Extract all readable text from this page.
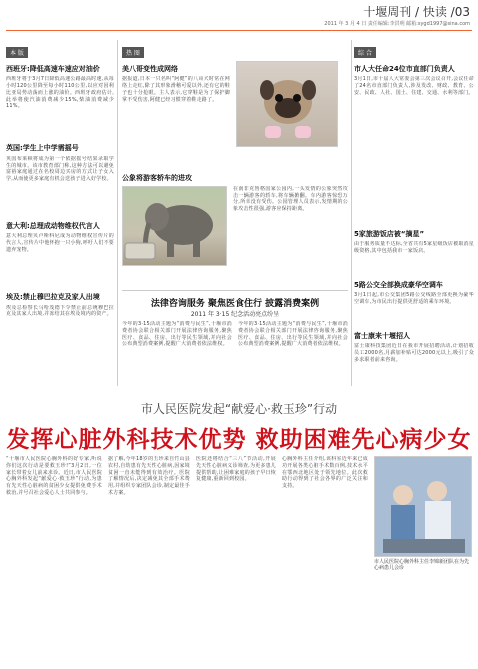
十堰周刊 / 快读 /03
2011 年 3 月 4 日 责任编辑:李洪明 邮箱:sygd1997@sina.com
本 版
西班牙:降低高速车速应对油价
西班牙将于3月7日降低高速公路最高时速,从每小时120公里降至每小时110公里,以应对因利比亚局势动荡而上涨的油价。西班牙政府估计,此举将使汽油消费减少15%,柴油消费减少11%。
英国:学生上中学需摇号
英国布莱顿将成为第一个依据摇号结果录取学生的城市。该市教育部门称,这种方法可以避免富裕家庭通过在名校周边买房的方式让子女入学,从而使更多家庭有机会送孩子进入好学校。
意大利:总理成动物维权代言人
意大利总理贝卢斯科尼成为动物维权宣传片的代言人,宣传片中他怀抱一只小狗,呼吁人们不要遗弃宠物。
埃及:禁止穆巴拉克及家人出境
埃及总检察长马哈茂德下令禁止前总统穆巴拉克及其家人出境,并冻结其在埃及境内的资产。
热 图
美八哥变性成网络
据报道,日本一只名叫“阿健”的八哥犬时常在网络上走红,除了其形象滑稽可爱以外,还有它的鞋子也十分抢眼。主人表示,它穿鞋是为了保护脚掌不受伤害,阿健已经习惯穿着鞋走路了。
公象将游客轿车的进攻
在南非克鲁格国家公园内,一头发情的公象突然攻击一辆游客的轿车,将车辆掀翻。车内游客惊恐万分,所幸没有受伤。公园管理人员表示,发情期的公象攻击性很强,游客应保持距离。
法律咨询服务 聚焦医食住行 披露消费案例
2011 年 3·15 纪念活动亮点纷呈
今年的3·15活动主题为“消费与民生”,十堰市消费者协会联合相关部门开展法律咨询服务,聚焦医疗、食品、住房、出行等民生领域,并向社会公布典型消费案例,提醒广大消费者依法维权。
今年的3·15活动主题为“消费与民生”,十堰市消费者协会联合相关部门开展法律咨询服务,聚焦医疗、食品、住房、出行等民生领域,并向社会公布典型消费案例,提醒广大消费者依法维权。
综 合
市人大任命24位市直部门负责人
3月1日,市十届人大常委会第三次会议召开,会议任命了24名市直部门负责人,涉及发改、财政、教育、公安、民政、人社、国土、住建、交通、水利等部门。
5家旅游饭店被“摘星”
由于服务质量不达标,全省共有5家星级饭店被取消星级资格,其中包括我市一家饭店。
5路公交全部换成豪华空调车
3月1日起,市公交集团5路公交线路全部更换为豪华空调车,为市民出行提供更舒适的乘车环境。
富士康来十堰招人
富士康科技集团近日在我市开展招聘活动,计划招收员工2000名,月薪加补贴可达2000元以上,吸引了众多求职者前来咨询。
市人民医院发起“献爱心·救玉珍”行动
发挥心脏外科技术优势 救助困难先心病少女
“十堰市人民医院心胸外科的好专家,听说你们这次行动是要救玉珍!”3月2日,一位家长带着女儿前来求诊。近日,市人民医院心胸外科发起“献爱心·救玉珍”行动,为患有先天性心脏病的贫困少女提供免费手术救治,并号召社会爱心人士共同参与。
据了解,今年18岁的玉珍来自竹山县农村,自幼患有先天性心脏病,因家境贫困一直未能得到有效治疗。医院了解情况后,决定减免其全部手术费用,并组织专家团队会诊,制定最佳手术方案。
医院还将结合“三八”节活动,开展先天性心脏病义诊筛查,为更多患儿提供帮助,让困难家庭的孩子早日恢复健康,重新回到校园。
心胸外科主任介绍,该科室近年来已成功开展各类心脏手术数百例,技术水平在鄂西北地区处于领先地位。此次救助行动得到了社会各界的广泛关注和支持。
市人民医院心胸外科主任李锦新团队在为先心病患儿会诊
